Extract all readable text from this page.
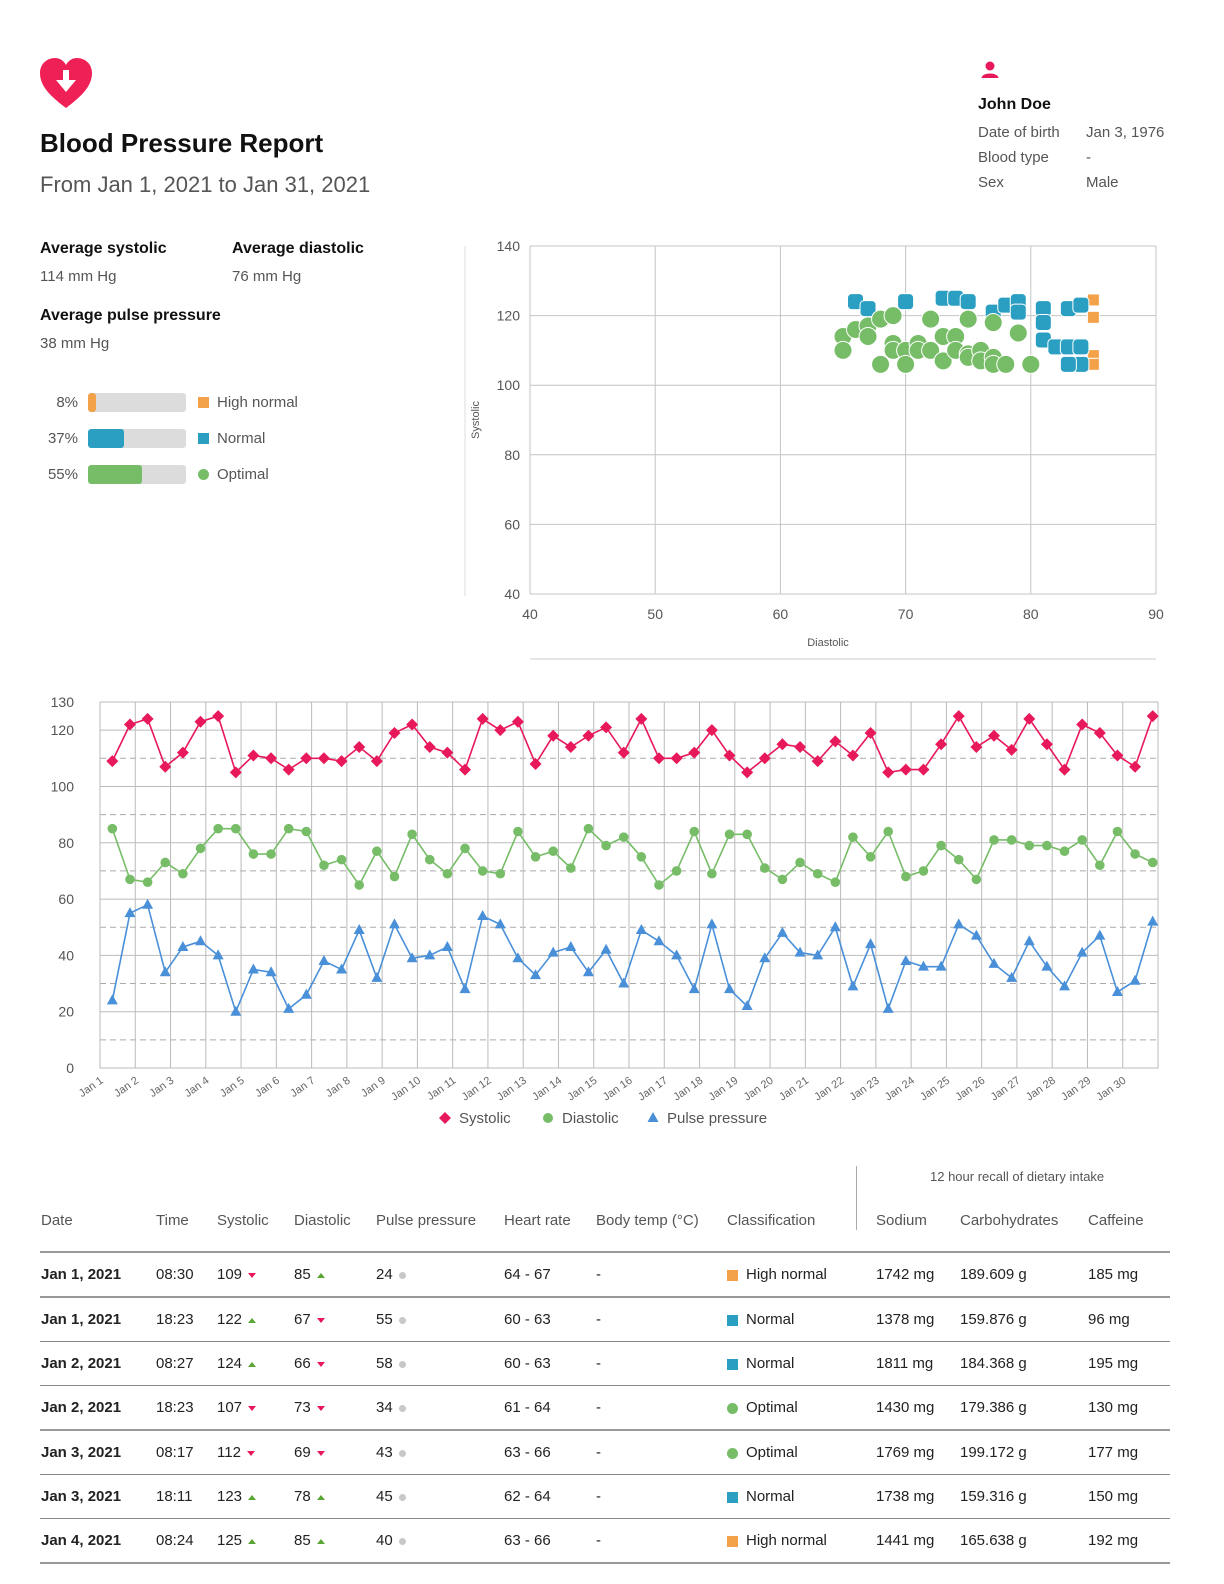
Blood Pressure Report
From Jan 1, 2021 to Jan 31, 2021
John Doe
Date of birth	Jan 3, 1976
Blood type	-
Sex	Male
Average systolic
114 mm Hg
Average diastolic
76 mm Hg
Average pulse pressure
38 mm Hg
8%	High normal
37%	Normal
55%	Optimal
40	50	60	70	80	90
40
60
80
100
120
140
Diastolic
Systolic
0
20
40
60
80
100
120
130
Jan 1 Jan 2 Jan 3 Jan 4 Jan 5 Jan 6 Jan 7 Jan 8 Jan 9 Jan 10 Jan 11 Jan 12 Jan 13 Jan 14 Jan 15 Jan 16 Jan 17 Jan 18 Jan 19 Jan 20 Jan 21 Jan 22 Jan 23 Jan 24 Jan 25 Jan 26 Jan 27 Jan 28 Jan 29 Jan 30
Systolic	Diastolic	Pulse pressure
12 hour recall of dietary intake
Date	Time	Systolic	Diastolic	Pulse pressure	Heart rate	Body temp (°C)	Classification	Sodium	Carbohydrates	Caffeine
Jan 1, 2021	08:30	109	85	24	64 - 67	-	High normal	1742 mg	189.609 g	185 mg
Jan 1, 2021	18:23	122	67	55	60 - 63	-	Normal	1378 mg	159.876 g	96 mg
Jan 2, 2021	08:27	124	66	58	60 - 63	-	Normal	1811 mg	184.368 g	195 mg
Jan 2, 2021	18:23	107	73	34	61 - 64	-	Optimal	1430 mg	179.386 g	130 mg
Jan 3, 2021	08:17	112	69	43	63 - 66	-	Optimal	1769 mg	199.172 g	177 mg
Jan 3, 2021	18:11	123	78	45	62 - 64	-	Normal	1738 mg	159.316 g	150 mg
Jan 4, 2021	08:24	125	85	40	63 - 66	-	High normal	1441 mg	165.638 g	192 mg
